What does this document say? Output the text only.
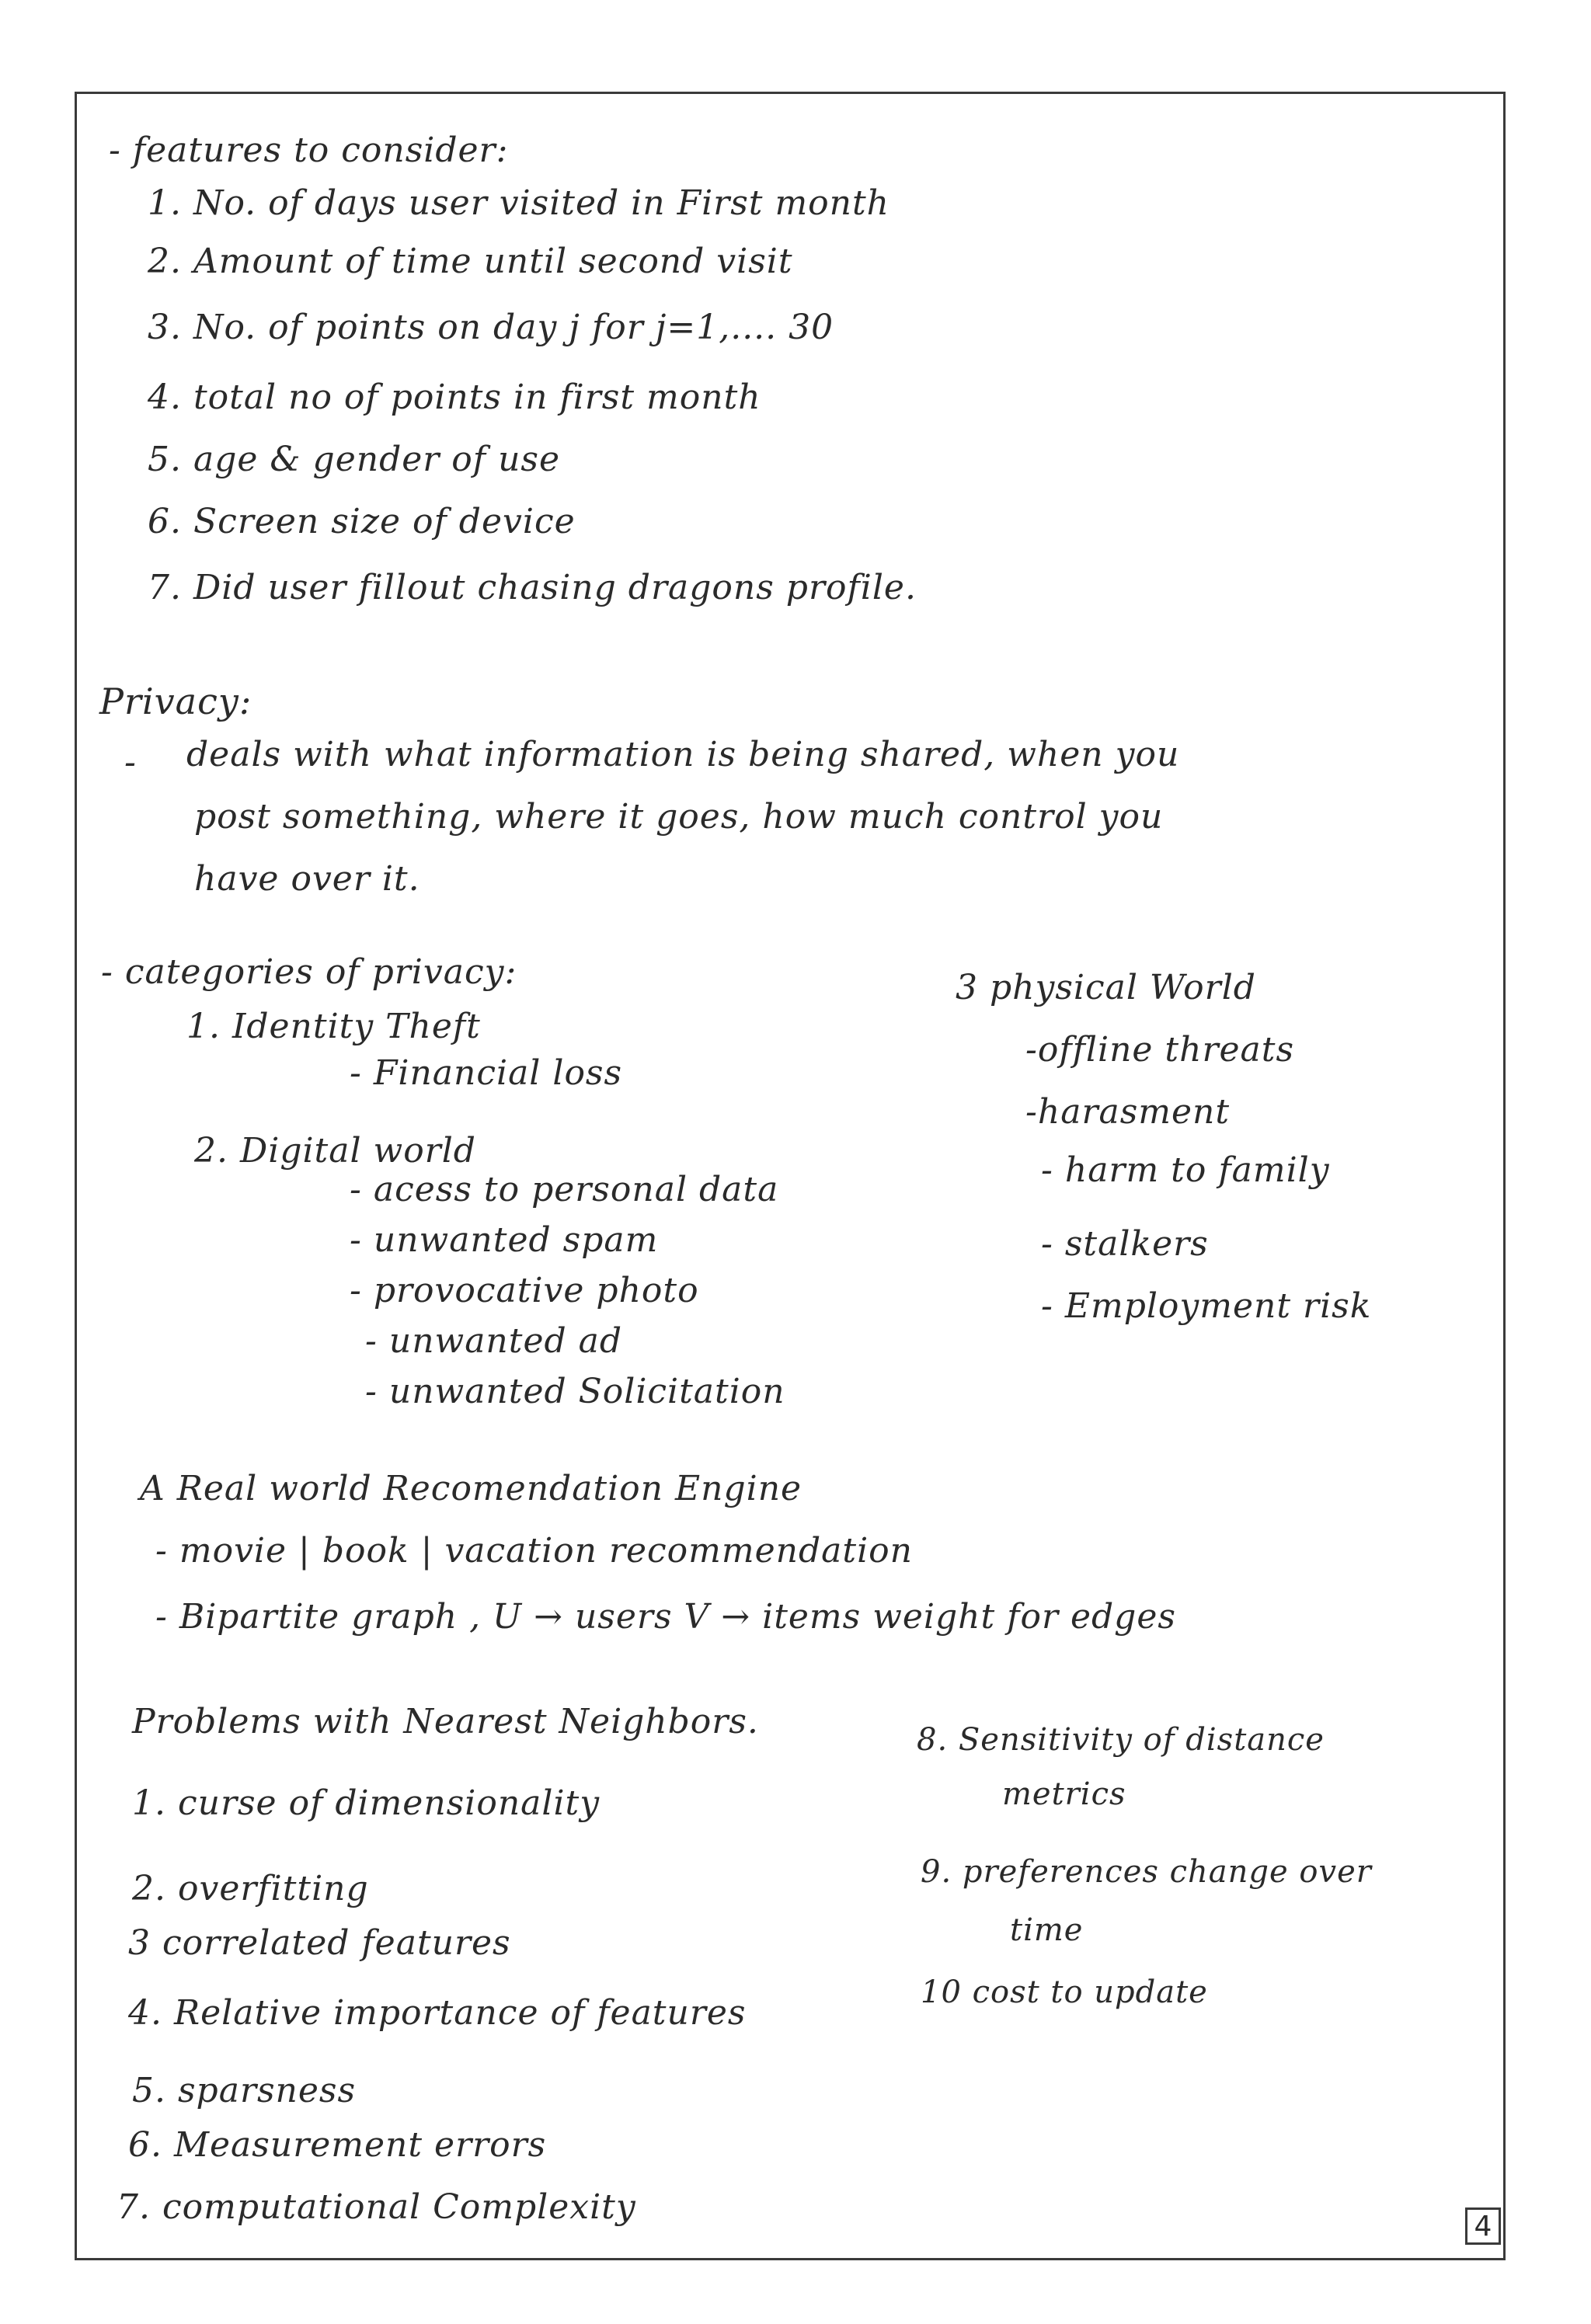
- features to consider:
1. No. of days user visited in First month
2. Amount of time until second visit
3. No. of points on day j for j=1,.... 30
4. total no of points in first month
5. age & gender of use
6. Screen size of device
7. Did user fillout chasing dragons profile.
Privacy:
- deals with what information is being shared, when you
post something, where it goes, how much control you
have over it.
- categories of privacy:
1. Identity Theft
- Financial loss
2. Digital world
- acess to personal data
- unwanted spam
- provocative photo
- unwanted ad
- unwanted Solicitation
3 physical World
-offline threats
-harasment
- harm to family
- stalkers
- Employment risk
A Real world Recomendation Engine
- movie | book | vacation recommendation
- Bipartite graph , U → users V → items weight for edges
Problems with Nearest Neighbors.
1. curse of dimensionality
2. overfitting
3 correlated features
4. Relative importance of features
5. sparsness
6. Measurement errors
7. computational Complexity
8. Sensitivity of distance
metrics
9. preferences change over
time
10 cost to update
4
